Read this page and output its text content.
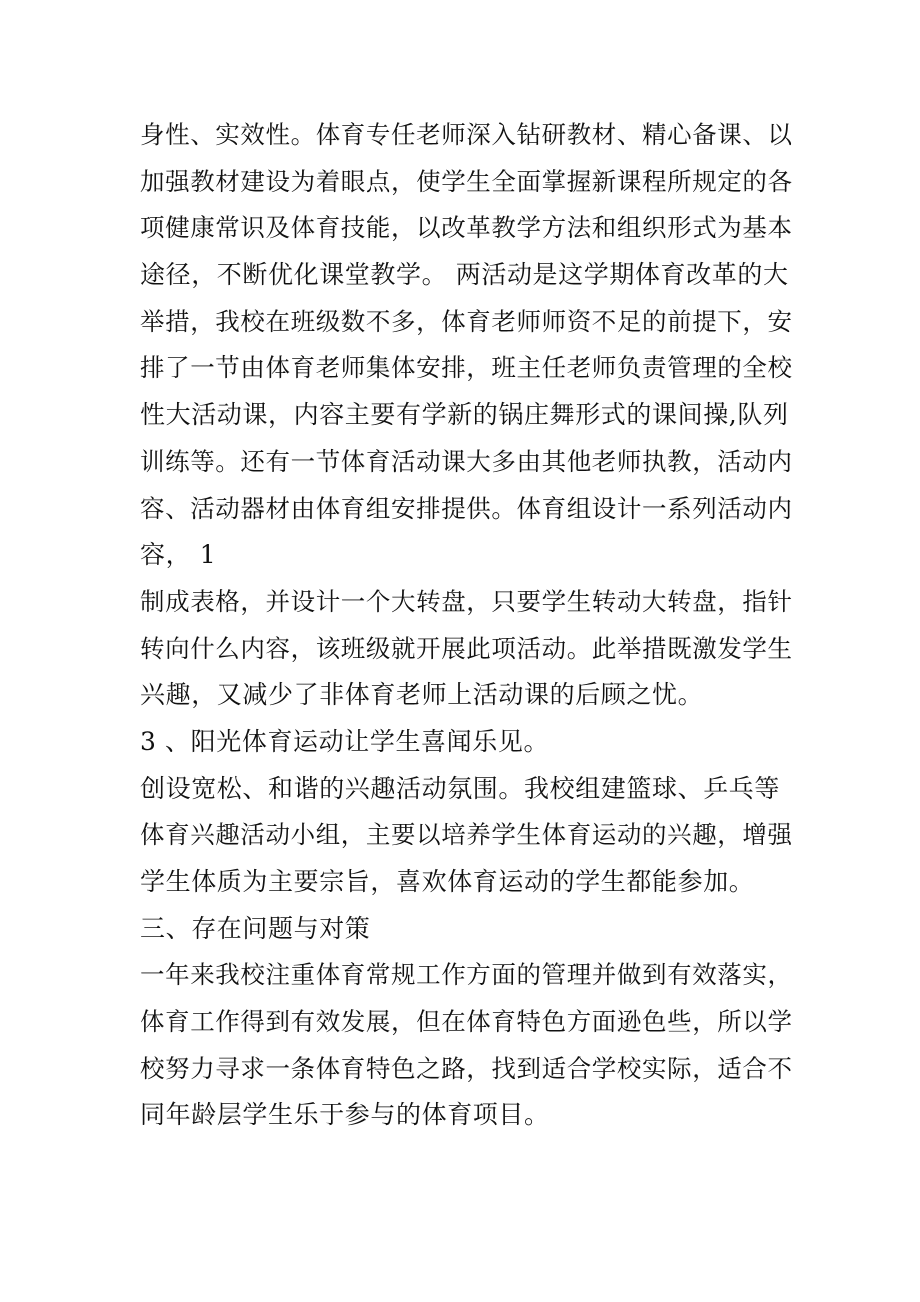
身性、实效性。体育专任老师深入钻研教材、精心备课、以
加强教材建设为着眼点，使学生全面掌握新课程所规定的各
项健康常识及体育技能，以改革教学方法和组织形式为基本
途径，不断优化课堂教学。 两活动是这学期体育改革的大
举措，我校在班级数不多，体育老师师资不足的前提下，安
排了一节由体育老师集体安排，班主任老师负责管理的全校
性大活动课，内容主要有学新的锅庄舞形式的课间操,队列
训练等。还有一节体育活动课大多由其他老师执教，活动内
容、活动器材由体育组安排提供。体育组设计一系列活动内
容， 1
制成表格，并设计一个大转盘，只要学生转动大转盘，指针
转向什么内容，该班级就开展此项活动。此举措既激发学生
兴趣，又减少了非体育老师上活动课的后顾之忧。
3 、阳光体育运动让学生喜闻乐见。
创设宽松、和谐的兴趣活动氛围。我校组建篮球、乒乓等
体育兴趣活动小组，主要以培养学生体育运动的兴趣，增强
学生体质为主要宗旨，喜欢体育运动的学生都能参加。
三、存在问题与对策
一年来我校注重体育常规工作方面的管理并做到有效落实，
体育工作得到有效发展，但在体育特色方面逊色些，所以学
校努力寻求一条体育特色之路，找到适合学校实际，适合不
同年龄层学生乐于参与的体育项目。
